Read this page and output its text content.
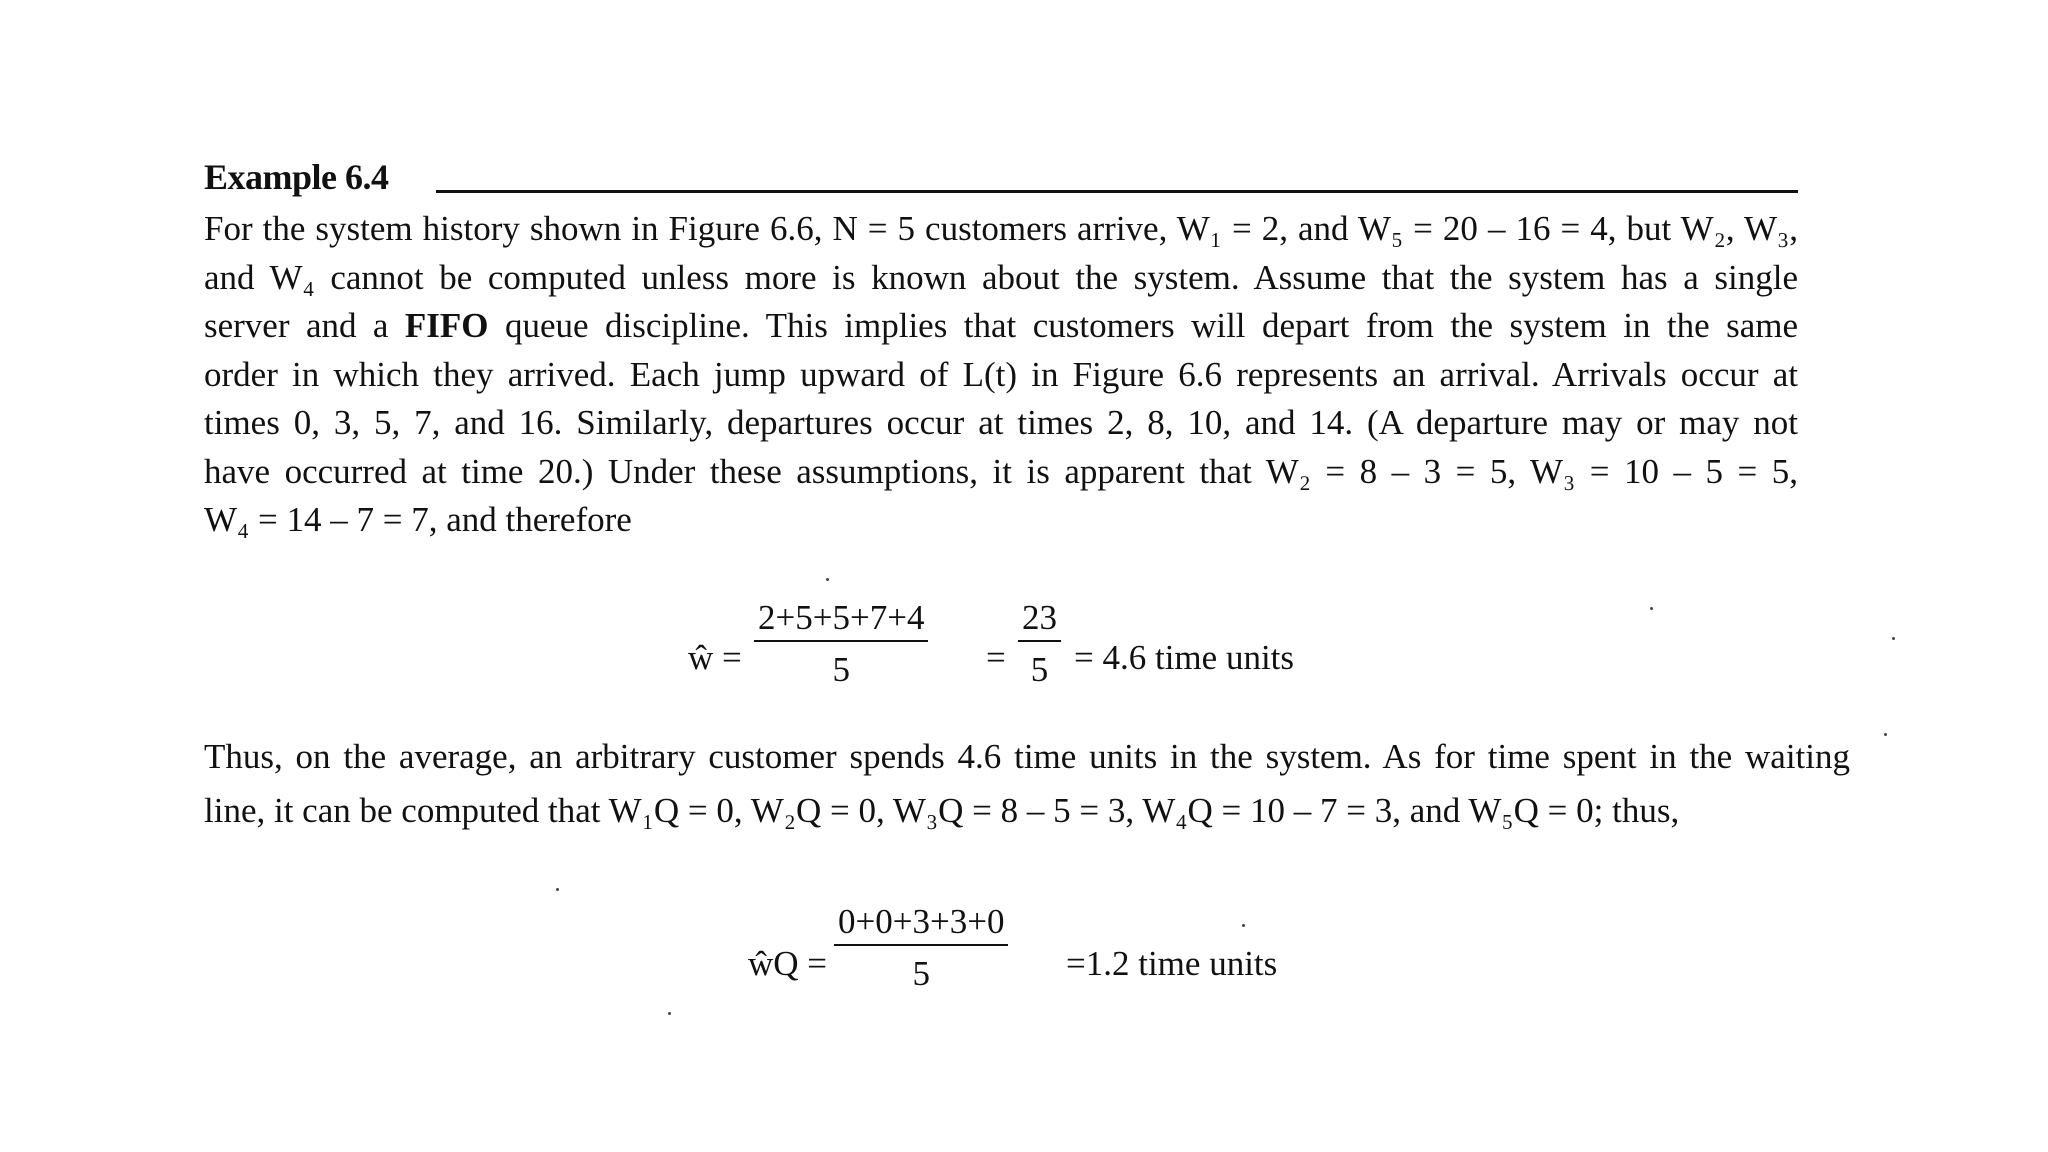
Example 6.4
For the system history shown in Figure 6.6, N = 5 customers arrive, W₁ = 2, and W₅ = 20 – 16 = 4, but W₂, W₃,
and W₄ cannot be computed unless more is known about the system. Assume that the system has a single
server and a FIFO queue discipline. This implies that customers will depart from the system in the same
order in which they arrived. Each jump upward of L(t) in Figure 6.6 represents an arrival. Arrivals occur at
times 0, 3, 5, 7, and 16. Similarly, departures occur at times 2, 8, 10, and 14. (A departure may or may not
have occurred at time 20.) Under these assumptions, it is apparent that W₂ = 8 – 3 = 5, W₃ = 10 – 5 = 5,
W₄ = 14 – 7 = 7, and therefore
ŵ = $\frac{2+5+5+7+4}{5} = \frac{23}{5} = 4.6$ time units
Thus, on the average, an arbitrary customer spends 4.6 time units in the system. As for time spent in the waiting
line, it can be computed that W₁Q = 0, W₂Q = 0, W₃Q = 8 – 5 = 3, W₄Q = 10 – 7 = 3, and W₅Q = 0; thus,
ŵQ = $\frac{0+0+3+3+0}{5} =1.2$ time units
